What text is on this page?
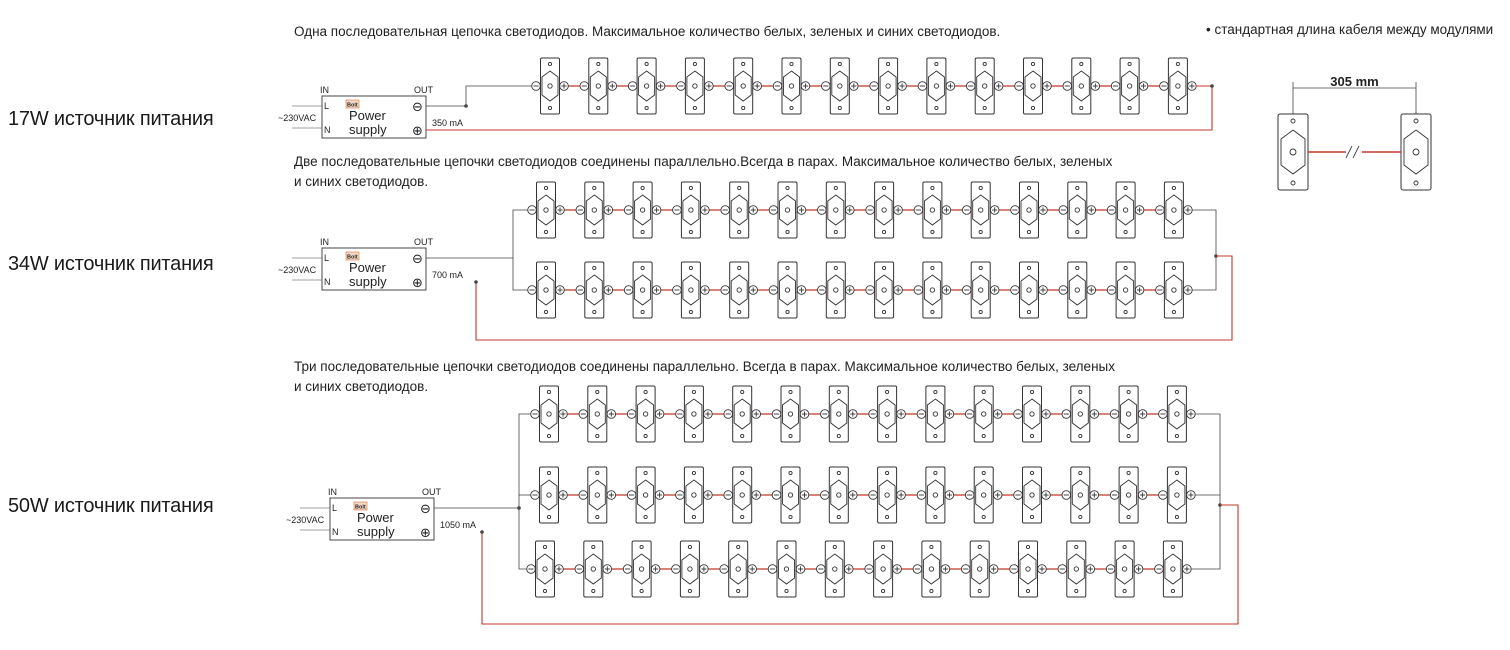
17W источник питания
34W источник питания
50W источник питания
Одна последовательная цепочка светодиодов. Максимальное количество белых, зеленых и синих светодиодов.
Две последовательные цепочки светодиодов соединены параллельно.Всегда в парах. Максимальное количество белых, зеленых
и синих светодиодов.
Три последовательные цепочки светодиодов соединены параллельно. Всегда в парах. Максимальное количество белых, зеленых
и синих светодиодов.
• стандартная длина кабеля между модулями
IN	OUT
L
N
Bolt
Power
supply
⊖
⊕
~230VAC	350 mA
IN	OUT
L
N
Bolt
Power
supply
⊖
⊕
~230VAC	700 mA
IN	OUT
L
N
Bolt
Power
supply
⊖
⊕
~230VAC	1050 mA
305 mm
